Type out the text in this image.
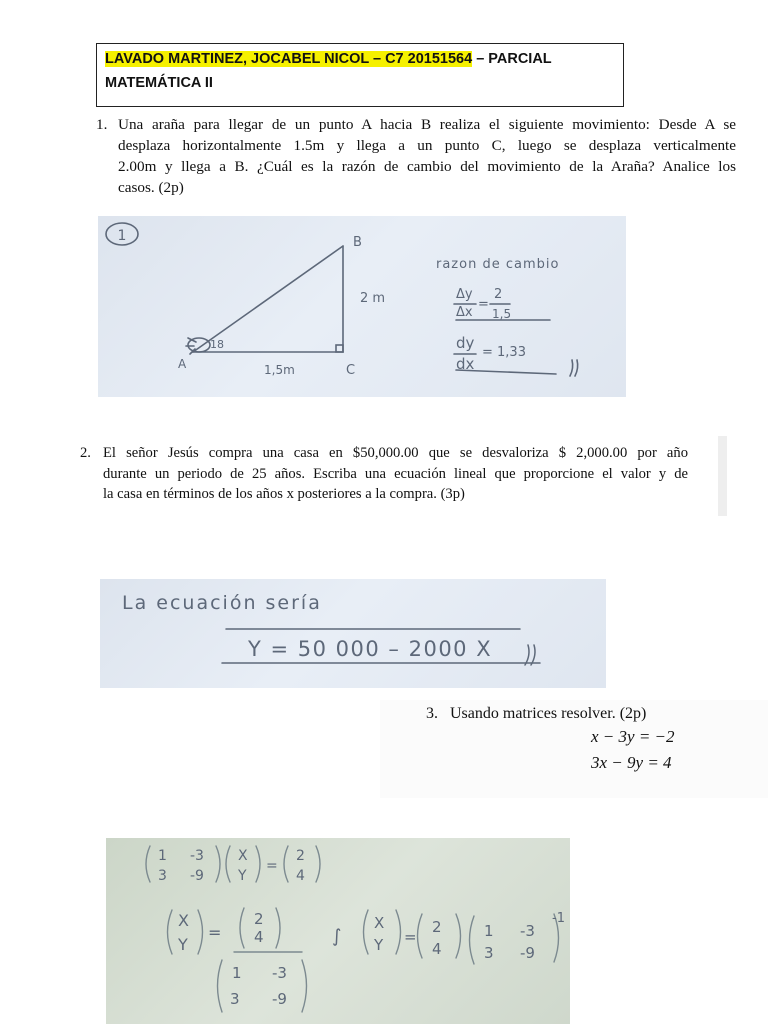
LAVADO MARTINEZ, JOCABEL NICOL – C7 20151564 – PARCIAL
MATEMÁTICA II
1. Una araña para llegar de un punto A hacia B realiza el siguiente movimiento: Desde A se
desplaza horizontalmente 1.5m y llega a un punto C, luego se desplaza verticalmente
2.00m y llega a B. ¿Cuál es la razón de cambio del movimiento de la Araña? Analice los
casos. (2p)
1	B
C
A
18
1,5m
2 m
razon de cambio
Δy
Δx
=
2
1,5
dy
dx
= 1,33
2. El señor Jesús compra una casa en $50,000.00 que se desvaloriza $ 2,000.00 por año
durante un periodo de 25 años. Escriba una ecuación lineal que proporcione el valor y de
la casa en términos de los años x posteriores a la compra. (3p)
La ecuación sería
Y = 50 000 – 2000 X
3. Usando matrices resolver. (2p)
x − 3y = −2
3x − 9y = 4
1 -3
3 -9
X
Y
=
2
4
X
Y
=
2
4
1 -3
3 -9
∫
X
Y =
2
4
1 -3
3 -9
-1
